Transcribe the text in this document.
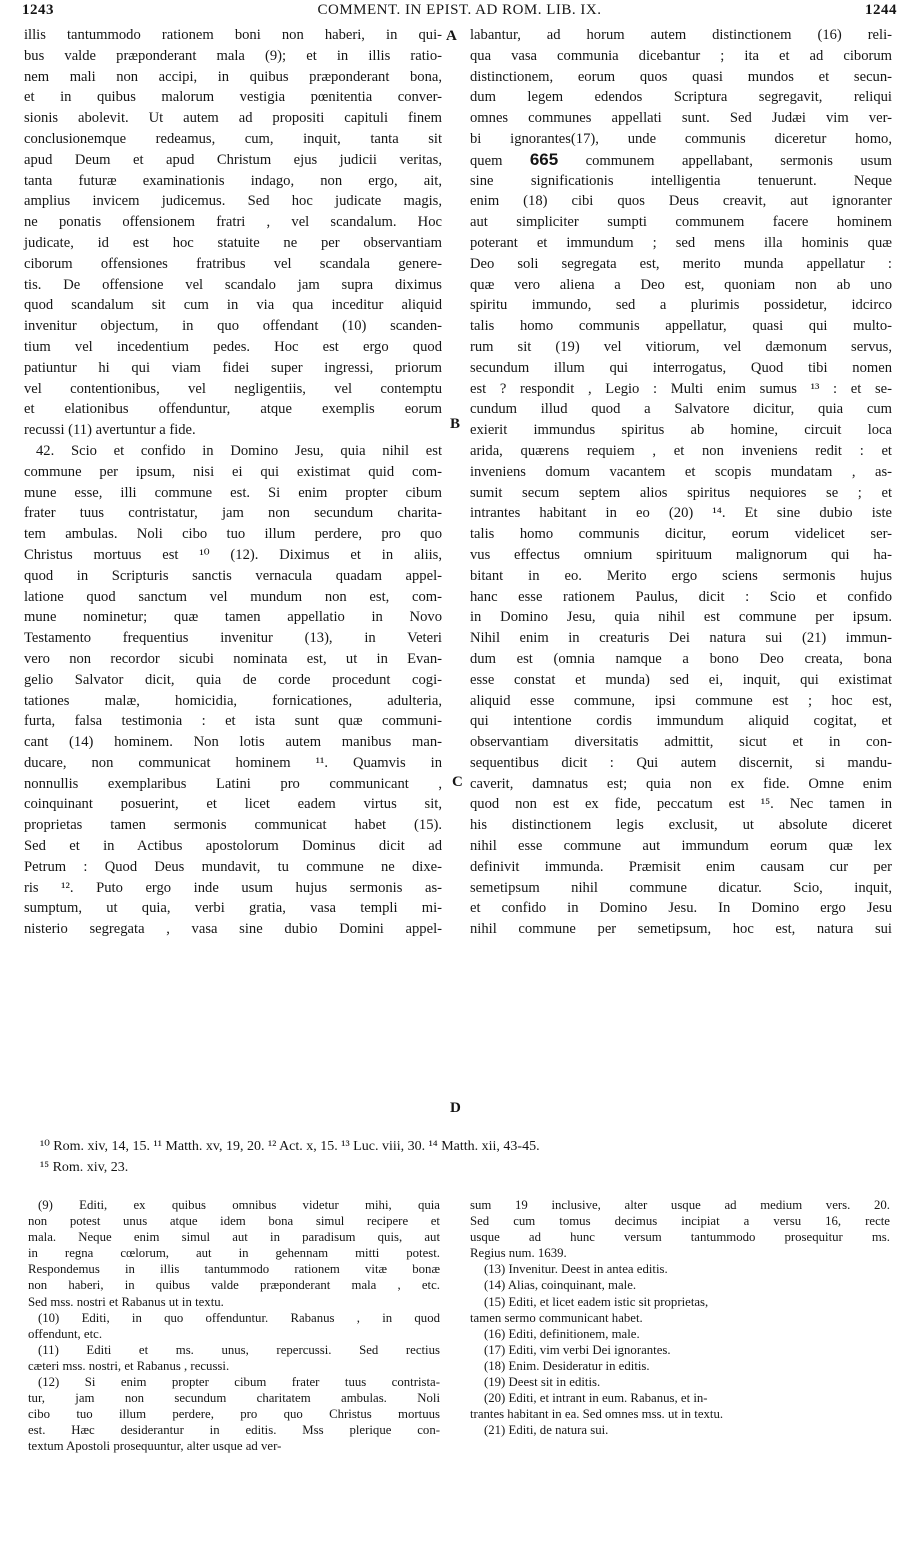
1243	COMMENT. IN EPIST. AD ROM. LIB. IX.	1244
illis tantummodo rationem boni non haberi, in qui-
bus valde præponderant mala (9); et in illis ratio-
nem mali non accipi, in quibus præponderant bona,
et in quibus malorum vestigia pœnitentia conver-
sionis abolevit. Ut autem ad propositi capituli finem
conclusionemque redeamus, cum, inquit, tanta sit
apud Deum et apud Christum ejus judicii veritas,
tanta futuræ examinationis indago, non ergo, ait,
amplius invicem judicemus. Sed hoc judicate magis,
ne ponatis offensionem fratri , vel scandalum. Hoc
judicate, id est hoc statuite ne per observantiam
ciborum offensiones fratribus vel scandala genere-
tis. De offensione vel scandalo jam supra diximus
quod scandalum sit cum in via qua inceditur aliquid
invenitur objectum, in quo offendant (10) scanden-
tium vel incedentium pedes. Hoc est ergo quod
patiuntur hi qui viam fidei super ingressi, priorum
vel contentionibus, vel negligentiis, vel contemptu
et elationibus offenduntur, atque exemplis eorum
recussi (11) avertuntur a fide.
42. Scio et confido in Domino Jesu, quia nihil est
commune per ipsum, nisi ei qui existimat quid com-
mune esse, illi commune est. Si enim propter cibum
frater tuus contristatur, jam non secundum charita-
tem ambulas. Noli cibo tuo illum perdere, pro quo
Christus mortuus est ¹⁰ (12). Diximus et in aliis,
quod in Scripturis sanctis vernacula quadam appel-
latione quod sanctum vel mundum non est, com-
mune nominetur; quæ tamen appellatio in Novo
Testamento frequentius invenitur (13), in Veteri
vero non recordor sicubi nominata est, ut in Evan-
gelio Salvator dicit, quia de corde procedunt cogi-
tationes malæ, homicidia, fornicationes, adulteria,
furta, falsa testimonia : et ista sunt quæ communi-
cant (14) hominem. Non lotis autem manibus man-
ducare, non communicat hominem ¹¹. Quamvis in
nonnullis exemplaribus Latini pro communicant ,
coinquinant posuerint, et licet eadem virtus sit,
proprietas tamen sermonis communicat habet (15).
Sed et in Actibus apostolorum Dominus dicit ad
Petrum : Quod Deus mundavit, tu commune ne dixe-
ris ¹². Puto ergo inde usum hujus sermonis as-
sumptum, ut quia, verbi gratia, vasa templi mi-
nisterio segregata , vasa sine dubio Domini appel-
labantur, ad horum autem distinctionem (16) reli-
qua vasa communia dicebantur ; ita et ad ciborum
distinctionem, eorum quos quasi mundos et secun-
dum legem edendos Scriptura segregavit, reliqui
omnes communes appellati sunt. Sed Judæi vim ver-
bi ignorantes(17), unde communis diceretur homo,
quem 665 communem appellabant, sermonis usum
sine significationis intelligentia tenuerunt. Neque
enim (18) cibi quos Deus creavit, aut ignoranter
aut simpliciter sumpti communem facere hominem
poterant et immundum ; sed mens illa hominis quæ
Deo soli segregata est, merito munda appellatur :
quæ vero aliena a Deo est, quoniam non ab uno
spiritu immundo, sed a plurimis possidetur, idcirco
talis homo communis appellatur, quasi qui multo-
rum sit (19) vel vitiorum, vel dæmonum servus,
secundum illum qui interrogatus, Quod tibi nomen
est ? respondit , Legio : Multi enim sumus ¹³ : et se-
cundum illud quod a Salvatore dicitur, quia cum
exierit immundus spiritus ab homine, circuit loca
arida, quærens requiem , et non inveniens redit : et
inveniens domum vacantem et scopis mundatam , as-
sumit secum septem alios spiritus nequiores se ; et
intrantes habitant in eo (20) ¹⁴. Et sine dubio iste
talis homo communis dicitur, eorum videlicet ser-
vus effectus omnium spirituum malignorum qui ha-
bitant in eo. Merito ergo sciens sermonis hujus
hanc esse rationem Paulus, dicit : Scio et confido
in Domino Jesu, quia nihil est commune per ipsum.
Nihil enim in creaturis Dei natura sui (21) immun-
dum est (omnia namque a bono Deo creata, bona
esse constat et munda) sed ei, inquit, qui existimat
aliquid esse commune, ipsi commune est ; hoc est,
qui intentione cordis immundum aliquid cogitat, et
observantiam diversitatis admittit, sicut et in con-
sequentibus dicit : Qui autem discernit, si mandu-
caverit, damnatus est; quia non ex fide. Omne enim
quod non est ex fide, peccatum est ¹⁵. Nec tamen in
his distinctionem legis exclusit, ut absolute diceret
nihil esse commune aut immundum eorum quæ lex
definivit immunda. Præmisit enim causam cur per
semetipsum nihil commune dicatur. Scio, inquit,
et confido in Domino Jesu. In Domino ergo Jesu
nihil commune per semetipsum, hoc est, natura sui
A
B
C
D
¹⁰ Rom. xiv, 14, 15. ¹¹ Matth. xv, 19, 20. ¹² Act. x, 15. ¹³ Luc. viii, 30. ¹⁴ Matth. xii, 43-45.
¹⁵ Rom. xiv, 23.
(9) Editi, ex quibus omnibus videtur mihi, quia
non potest unus atque idem bona simul recipere et
mala. Neque enim simul aut in paradisum quis, aut
in regna cœlorum, aut in gehennam mitti potest.
Respondemus in illis tantummodo rationem vitæ bonæ
non haberi, in quibus valde præponderant mala , etc.
Sed mss. nostri et Rabanus ut in textu.
(10) Editi, in quo offenduntur. Rabanus , in quod
offendunt, etc.
(11) Editi et ms. unus, repercussi. Sed rectius
cæteri mss. nostri, et Rabanus , recussi.
(12) Si enim propter cibum frater tuus contrista-
tur, jam non secundum charitatem ambulas. Noli
cibo tuo illum perdere, pro quo Christus mortuus
est. Hæc desiderantur in editis. Mss plerique con-
textum Apostoli prosequuntur, alter usque ad ver-
sum 19 inclusive, alter usque ad medium vers. 20.
Sed cum tomus decimus incipiat a versu 16, recte
usque ad hunc versum tantummodo prosequitur ms.
Regius num. 1639.
(13) Invenitur. Deest in antea editis.
(14) Alias, coinquinant, male.
(15) Editi, et licet eadem istic sit proprietas,
tamen sermo communicant habet.
(16) Editi, definitionem, male.
(17) Editi, vim verbi Dei ignorantes.
(18) Enim. Desideratur in editis.
(19) Deest sit in editis.
(20) Editi, et intrant in eum. Rabanus, et in-
trantes habitant in ea. Sed omnes mss. ut in textu.
(21) Editi, de natura sui.
